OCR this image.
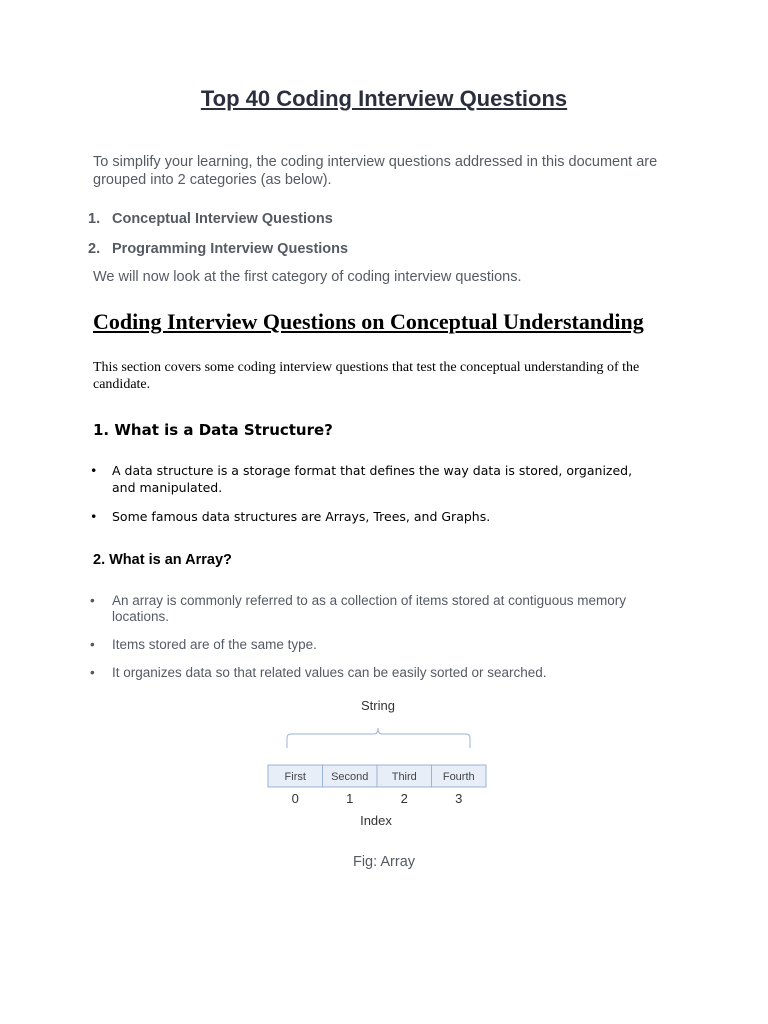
Top 40 Coding Interview Questions

To simplify your learning, the coding interview questions addressed in this document are grouped into 2 categories (as below).

1. Conceptual Interview Questions
2. Programming Interview Questions

We will now look at the first category of coding interview questions.

Coding Interview Questions on Conceptual Understanding

This section covers some coding interview questions that test the conceptual understanding of the candidate.

1. What is a Data Structure?
• A data structure is a storage format that defines the way data is stored, organized, and manipulated.
• Some famous data structures are Arrays, Trees, and Graphs.
2. What is an Array?
• An array is commonly referred to as a collection of items stored at contiguous memory locations.
• Items stored are of the same type.
• It organizes data so that related values can be easily sorted or searched.
String
First Second Third Fourth
0	1	2	3
Index

Fig: Array
